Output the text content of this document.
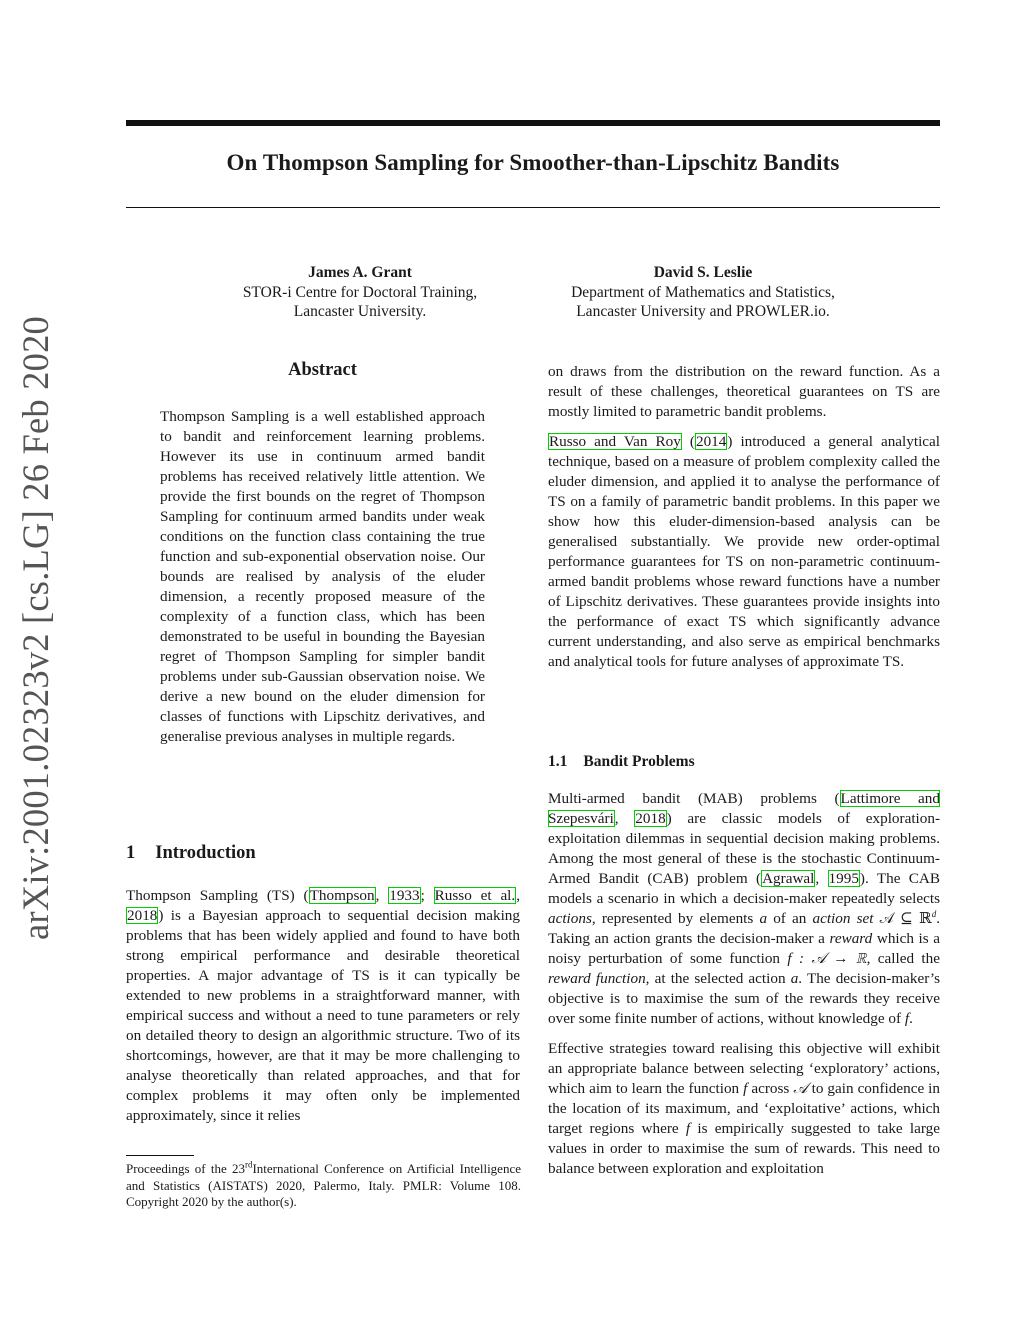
On Thompson Sampling for Smoother-than-Lipschitz Bandits
James A. Grant
STOR-i Centre for Doctoral Training,
Lancaster University.
David S. Leslie
Department of Mathematics and Statistics,
Lancaster University and PROWLER.io.
arXiv:2001.02323v2 [cs.LG] 26 Feb 2020	Abstract

Thompson Sampling is a well established approach to bandit and reinforcement learning problems. However its use in continuum armed bandit problems has received relatively little attention. We provide the first bounds on the regret of Thompson Sampling for continuum armed bandits under weak conditions on the function class containing the true function and sub-exponential observation noise. Our bounds are realised by analysis of the eluder dimension, a recently proposed measure of the complexity of a function class, which has been demonstrated to be useful in bounding the Bayesian regret of Thompson Sampling for simpler bandit problems under sub-Gaussian observation noise. We derive a new bound on the eluder dimension for classes of functions with Lipschitz derivatives, and generalise previous analyses in multiple regards.

1 Introduction

Thompson Sampling (TS) (Thompson, 1933; Russo et al., 2018) is a Bayesian approach to sequential decision making problems that has been widely applied and found to have both strong empirical performance and desirable theoretical properties. A major advantage of TS is it can typically be extended to new problems in a straightforward manner, with empirical success and without a need to tune parameters or rely on detailed theory to design an algorithmic structure. Two of its shortcomings, however, are that it may be more challenging to analyse theoretically than related approaches, and that for complex problems it may often only be implemented approximately, since it relies

Proceedings of the 23rdInternational Conference on Artificial Intelligence and Statistics (AISTATS) 2020, Palermo, Italy. PMLR: Volume 108. Copyright 2020 by the author(s).

on draws from the distribution on the reward function. As a result of these challenges, theoretical guarantees on TS are mostly limited to parametric bandit problems.

Russo and Van Roy (2014) introduced a general analytical technique, based on a measure of problem complexity called the eluder dimension, and applied it to analyse the performance of TS on a family of parametric bandit problems. In this paper we show how this eluder-dimension-based analysis can be generalised substantially. We provide new order-optimal performance guarantees for TS on non-parametric continuum-armed bandit problems whose reward functions have a number of Lipschitz derivatives. These guarantees provide insights into the performance of exact TS which significantly advance current understanding, and also serve as empirical benchmarks and analytical tools for future analyses of approximate TS.

1.1 Bandit Problems

Multi-armed bandit (MAB) problems (Lattimore and Szepesvári, 2018) are classic models of exploration-exploitation dilemmas in sequential decision making problems. Among the most general of these is the stochastic Continuum-Armed Bandit (CAB) problem (Agrawal, 1995). The CAB models a scenario in which a decision-maker repeatedly selects actions, represented by elements a of an action set 𝒜 ⊆ ℝ$^d$. Taking an action grants the decision-maker a reward which is a noisy perturbation of some function f : 𝒜 → ℝ, called the reward function, at the selected action a. The decision-maker’s objective is to maximise the sum of the rewards they receive over some finite number of actions, without knowledge of f.

Effective strategies toward realising this objective will exhibit an appropriate balance between selecting ‘exploratory’ actions, which aim to learn the function f across 𝒜 to gain confidence in the location of its maximum, and ‘exploitative’ actions, which target regions where f is empirically suggested to take large values in order to maximise the sum of rewards. This need to balance between exploration and exploitation
